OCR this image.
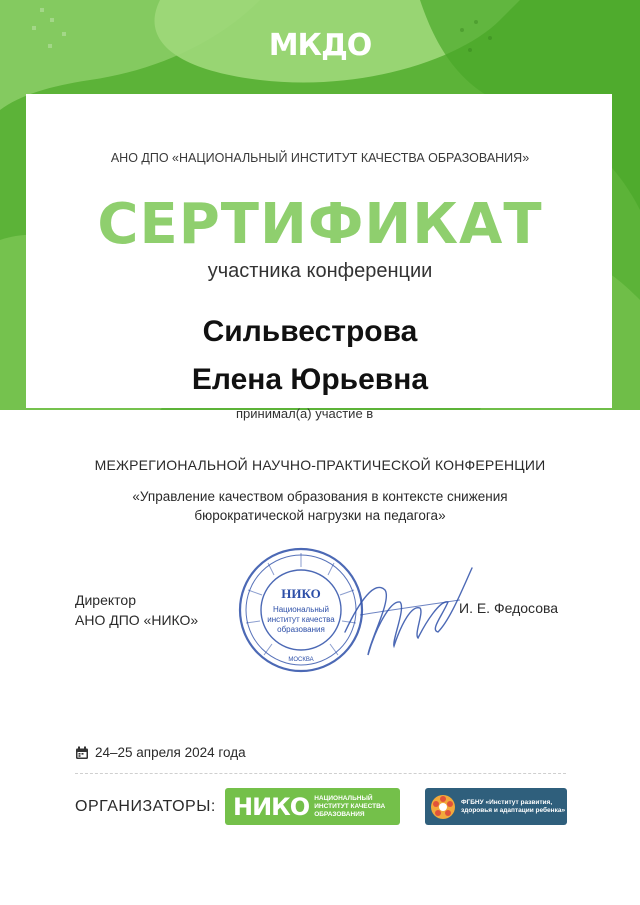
МКДО
АНО ДПО «НАЦИОНАЛЬНЫЙ ИНСТИТУТ КАЧЕСТВА ОБРАЗОВАНИЯ»
СЕРТИФИКАТ
участника конференции
Сильвестрова
Елена Юрьевна
принимал(а) участие в
МЕЖРЕГИОНАЛЬНОЙ НАУЧНО-ПРАКТИЧЕСКОЙ КОНФЕРЕНЦИИ
«Управление качеством образования в контексте снижения
бюрократической нагрузки на педагога»
Директор
АНО ДПО «НИКО»
НИКО
Национальный
институт качества
образования
МОСКВА
И. Е. Федосова
24–25 апреля 2024 года
ОРГАНИЗАТОРЫ: НИКО НАЦИОНАЛЬНЫЙ ИНСТИТУТ КАЧЕСТВА ОБРАЗОВАНИЯ
ФГБНУ «Институт развития, здоровья и адаптации ребенка»
